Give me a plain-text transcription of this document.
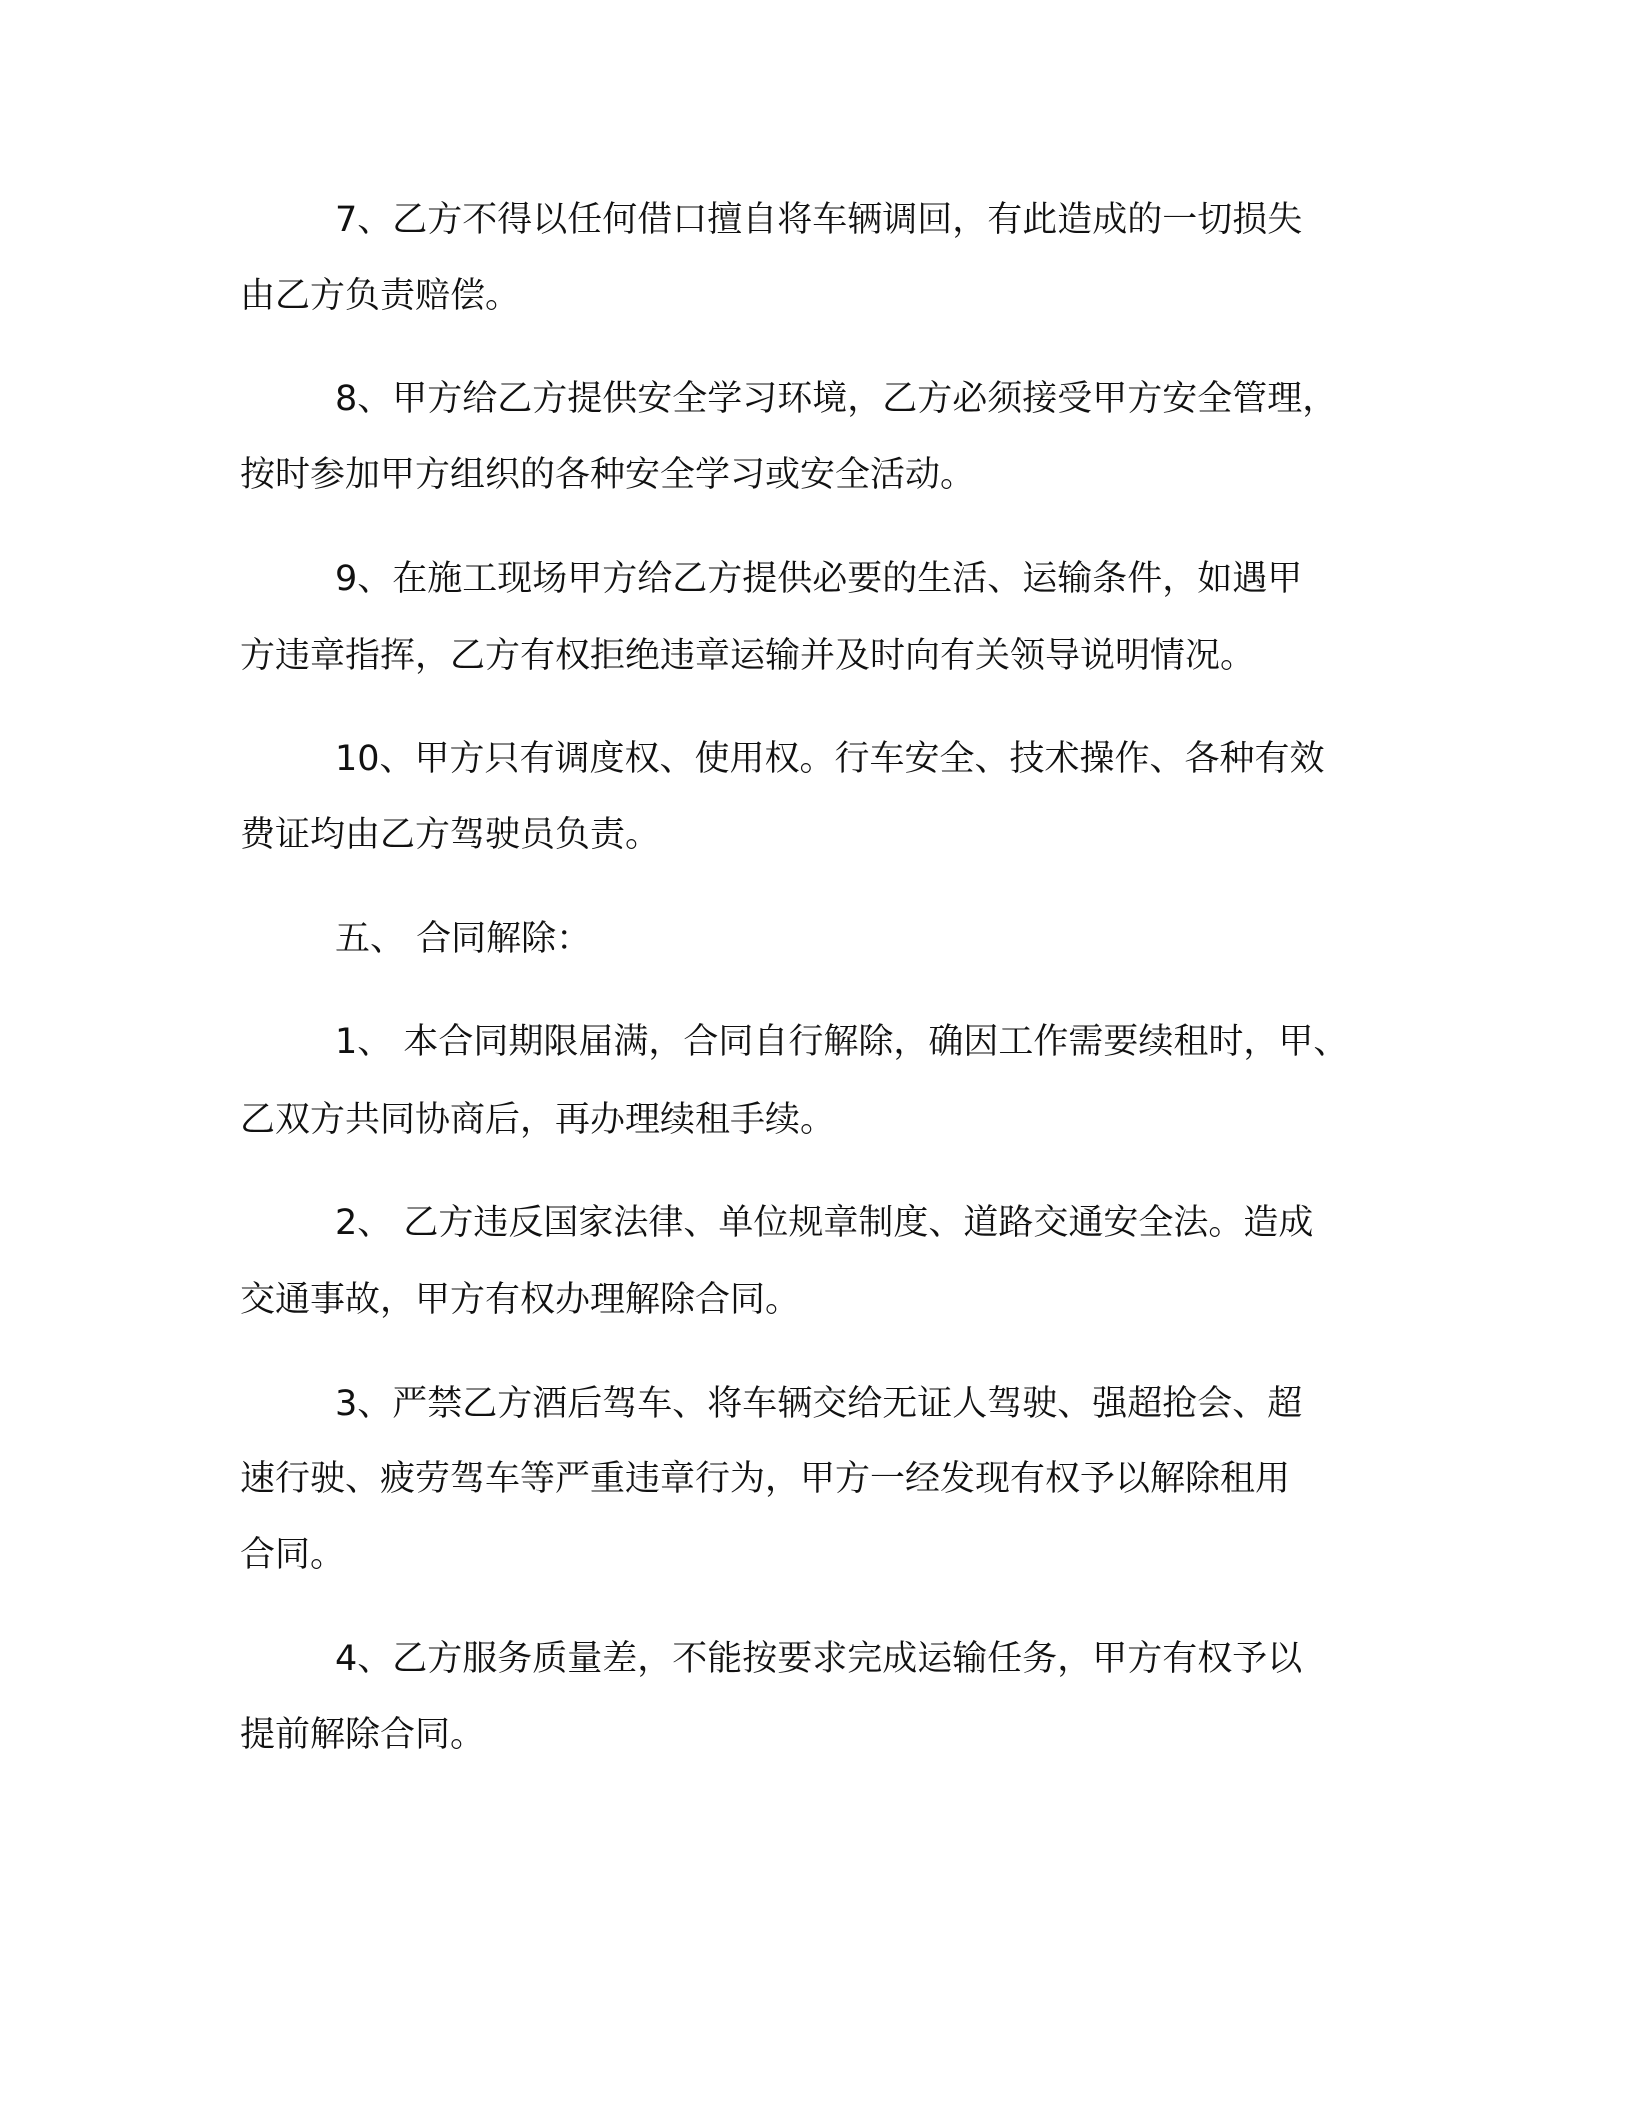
7、乙方不得以任何借口擅自将车辆调回，有此造成的一切损失
由乙方负责赔偿。
8、甲方给乙方提供安全学习环境，乙方必须接受甲方安全管理，
按时参加甲方组织的各种安全学习或安全活动。
9、在施工现场甲方给乙方提供必要的生活、运输条件，如遇甲
方违章指挥，乙方有权拒绝违章运输并及时向有关领导说明情况。
10、甲方只有调度权、使用权。行车安全、技术操作、各种有效
费证均由乙方驾驶员负责。
五、 合同解除：
1、 本合同期限届满，合同自行解除，确因工作需要续租时，甲、
乙双方共同协商后，再办理续租手续。
2、 乙方违反国家法律、单位规章制度、道路交通安全法。造成
交通事故，甲方有权办理解除合同。
3、严禁乙方酒后驾车、将车辆交给无证人驾驶、强超抢会、超
速行驶、疲劳驾车等严重违章行为，甲方一经发现有权予以解除租用
合同。
4、乙方服务质量差，不能按要求完成运输任务，甲方有权予以
提前解除合同。
